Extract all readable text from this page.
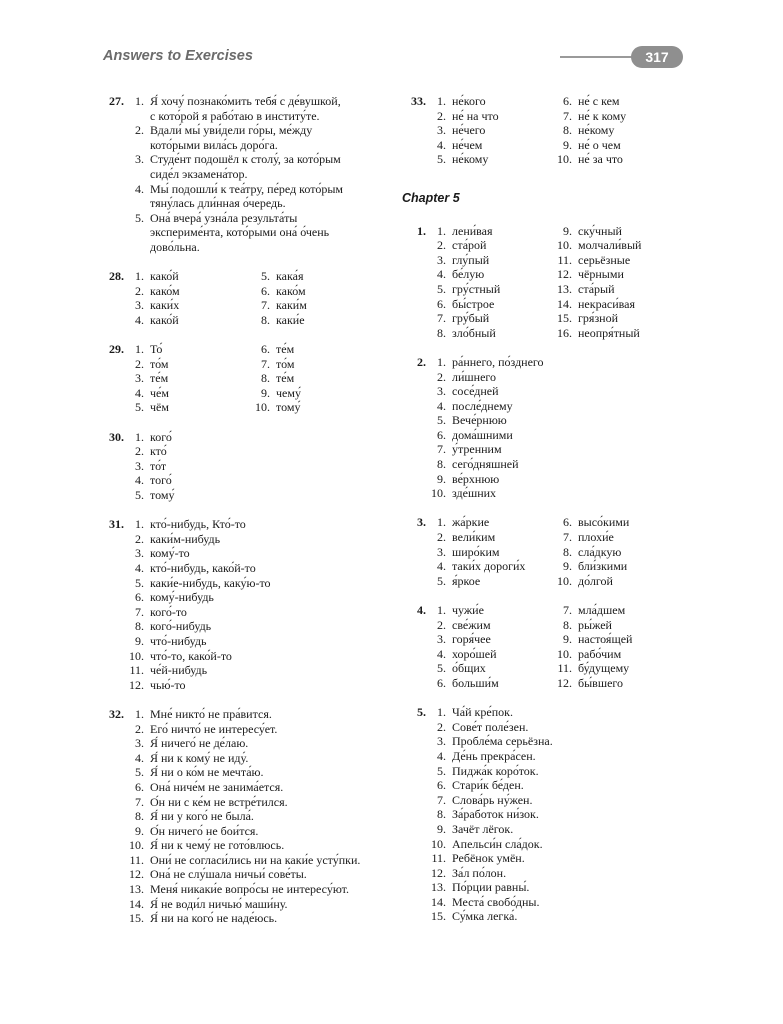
Answers to Exercises	317
27. 1. Я́ хочу́ познако́мить тебя́ с де́вушкой,
с кото́рой я рабо́таю в институ́те.
2. Вдали́ мы́ уви́дели го́ры, ме́жду
кото́рыми вила́сь доро́га.
3. Студе́нт подошёл к столу́, за кото́рым
сиде́л экзамена́тор.
4. Мы́ подошли́ к теа́тру, пе́ред кото́рым
тяну́лась дли́нная о́чередь.
5. Она́ вчера́ узна́ла результа́ты
экспериме́нта, кото́рыми она́ о́чень
дово́льна.
28. 1. како́й
2. како́м
3. каки́х
4. како́й
5. кака́я
6. како́м
7. каки́м
8. каки́е
29. 1. То́
2. то́м
3. те́м
4. че́м
5. чём
6. те́м
7. то́м
8. те́м
9. чему́
10. тому́
30. 1. кого́
2. кто́
3. то́т
4. того́
5. тому́
31. 1. кто́-нибудь, Кто́-то
2. каки́м-нибудь
3. кому́-то
4. кто́-нибудь, како́й-то
5. каки́е-нибудь, каку́ю-то
6. кому́-нибудь
7. кого́-то
8. кого́-нибудь
9. что́-нибудь
10. что́-то, како́й-то
11. че́й-нибудь
12. чью́-то
32. 1. Мне́ никто́ не пра́вится.
2. Его́ ничто́ не интересу́ет.
3. Я́ ничего́ не де́лаю.
4. Я́ ни к кому́ не иду́.
5. Я́ ни о ко́м не мечта́ю.
6. Она́ ниче́м не занима́ется.
7. О́н ни с ке́м не встре́тился.
8. Я́ ни у кого́ не была́.
9. О́н ничего́ не бои́тся.
10. Я́ ни к чему́ не гото́влюсь.
11. Они́ не согласи́лись ни на каки́е усту́пки.
12. Она́ не слу́шала ничьи́ сове́ты.
13. Меня́ никаки́е вопро́сы не интересу́ют.
14. Я́ не води́л ничью́ маши́ну.
15. Я́ ни на кого́ не наде́юсь.
33. 1. не́кого
2. не́ на что
3. не́чего
4. не́чем
5. не́кому
6. не́ с кем
7. не́ к кому
8. не́кому
9. не́ о чем
10. не́ за что
Chapter 5
1. 1. лени́вая
2. ста́рой
3. глу́пый
4. бе́лую
5. гру́стный
6. бы́строе
7. гру́бый
8. зло́бный
9. ску́чный
10. молчали́вый
11. серьёзные
12. чёрными
13. ста́рый
14. некраси́вая
15. гря́зной
16. неопря́тный
2. 1. ра́ннего, по́зднего
2. ли́шнего
3. сосе́дней
4. после́днему
5. Вече́рнюю
6. дома́шними
7. у́тренним
8. сего́дняшней
9. ве́рхнюю
10. зде́шних
3. 1. жа́ркие
2. вели́ким
3. широ́ким
4. таки́х дороги́х
5. я́ркое
6. высо́кими
7. плохи́е
8. сла́дкую
9. бли́зкими
10. до́лгой
4. 1. чужи́е
2. све́жим
3. горя́чее
4. хоро́шей
5. о́бщих
6. больши́м
7. мла́дшем
8. ры́жей
9. настоя́щей
10. рабо́чим
11. бу́дущему
12. бы́вшего
5. 1. Ча́й кре́пок.
2. Сове́т поле́зен.
3. Пробле́ма серьёзна.
4. Де́нь прекра́сен.
5. Пиджа́к коро́ток.
6. Стари́к бе́ден.
7. Слова́рь ну́жен.
8. За́работок ни́зок.
9. Зачёт лёгок.
10. Апельси́н сла́док.
11. Ребёнок умён.
12. За́л по́лон.
13. По́рции равны́.
14. Места́ свобо́дны.
15. Су́мка легка́.
